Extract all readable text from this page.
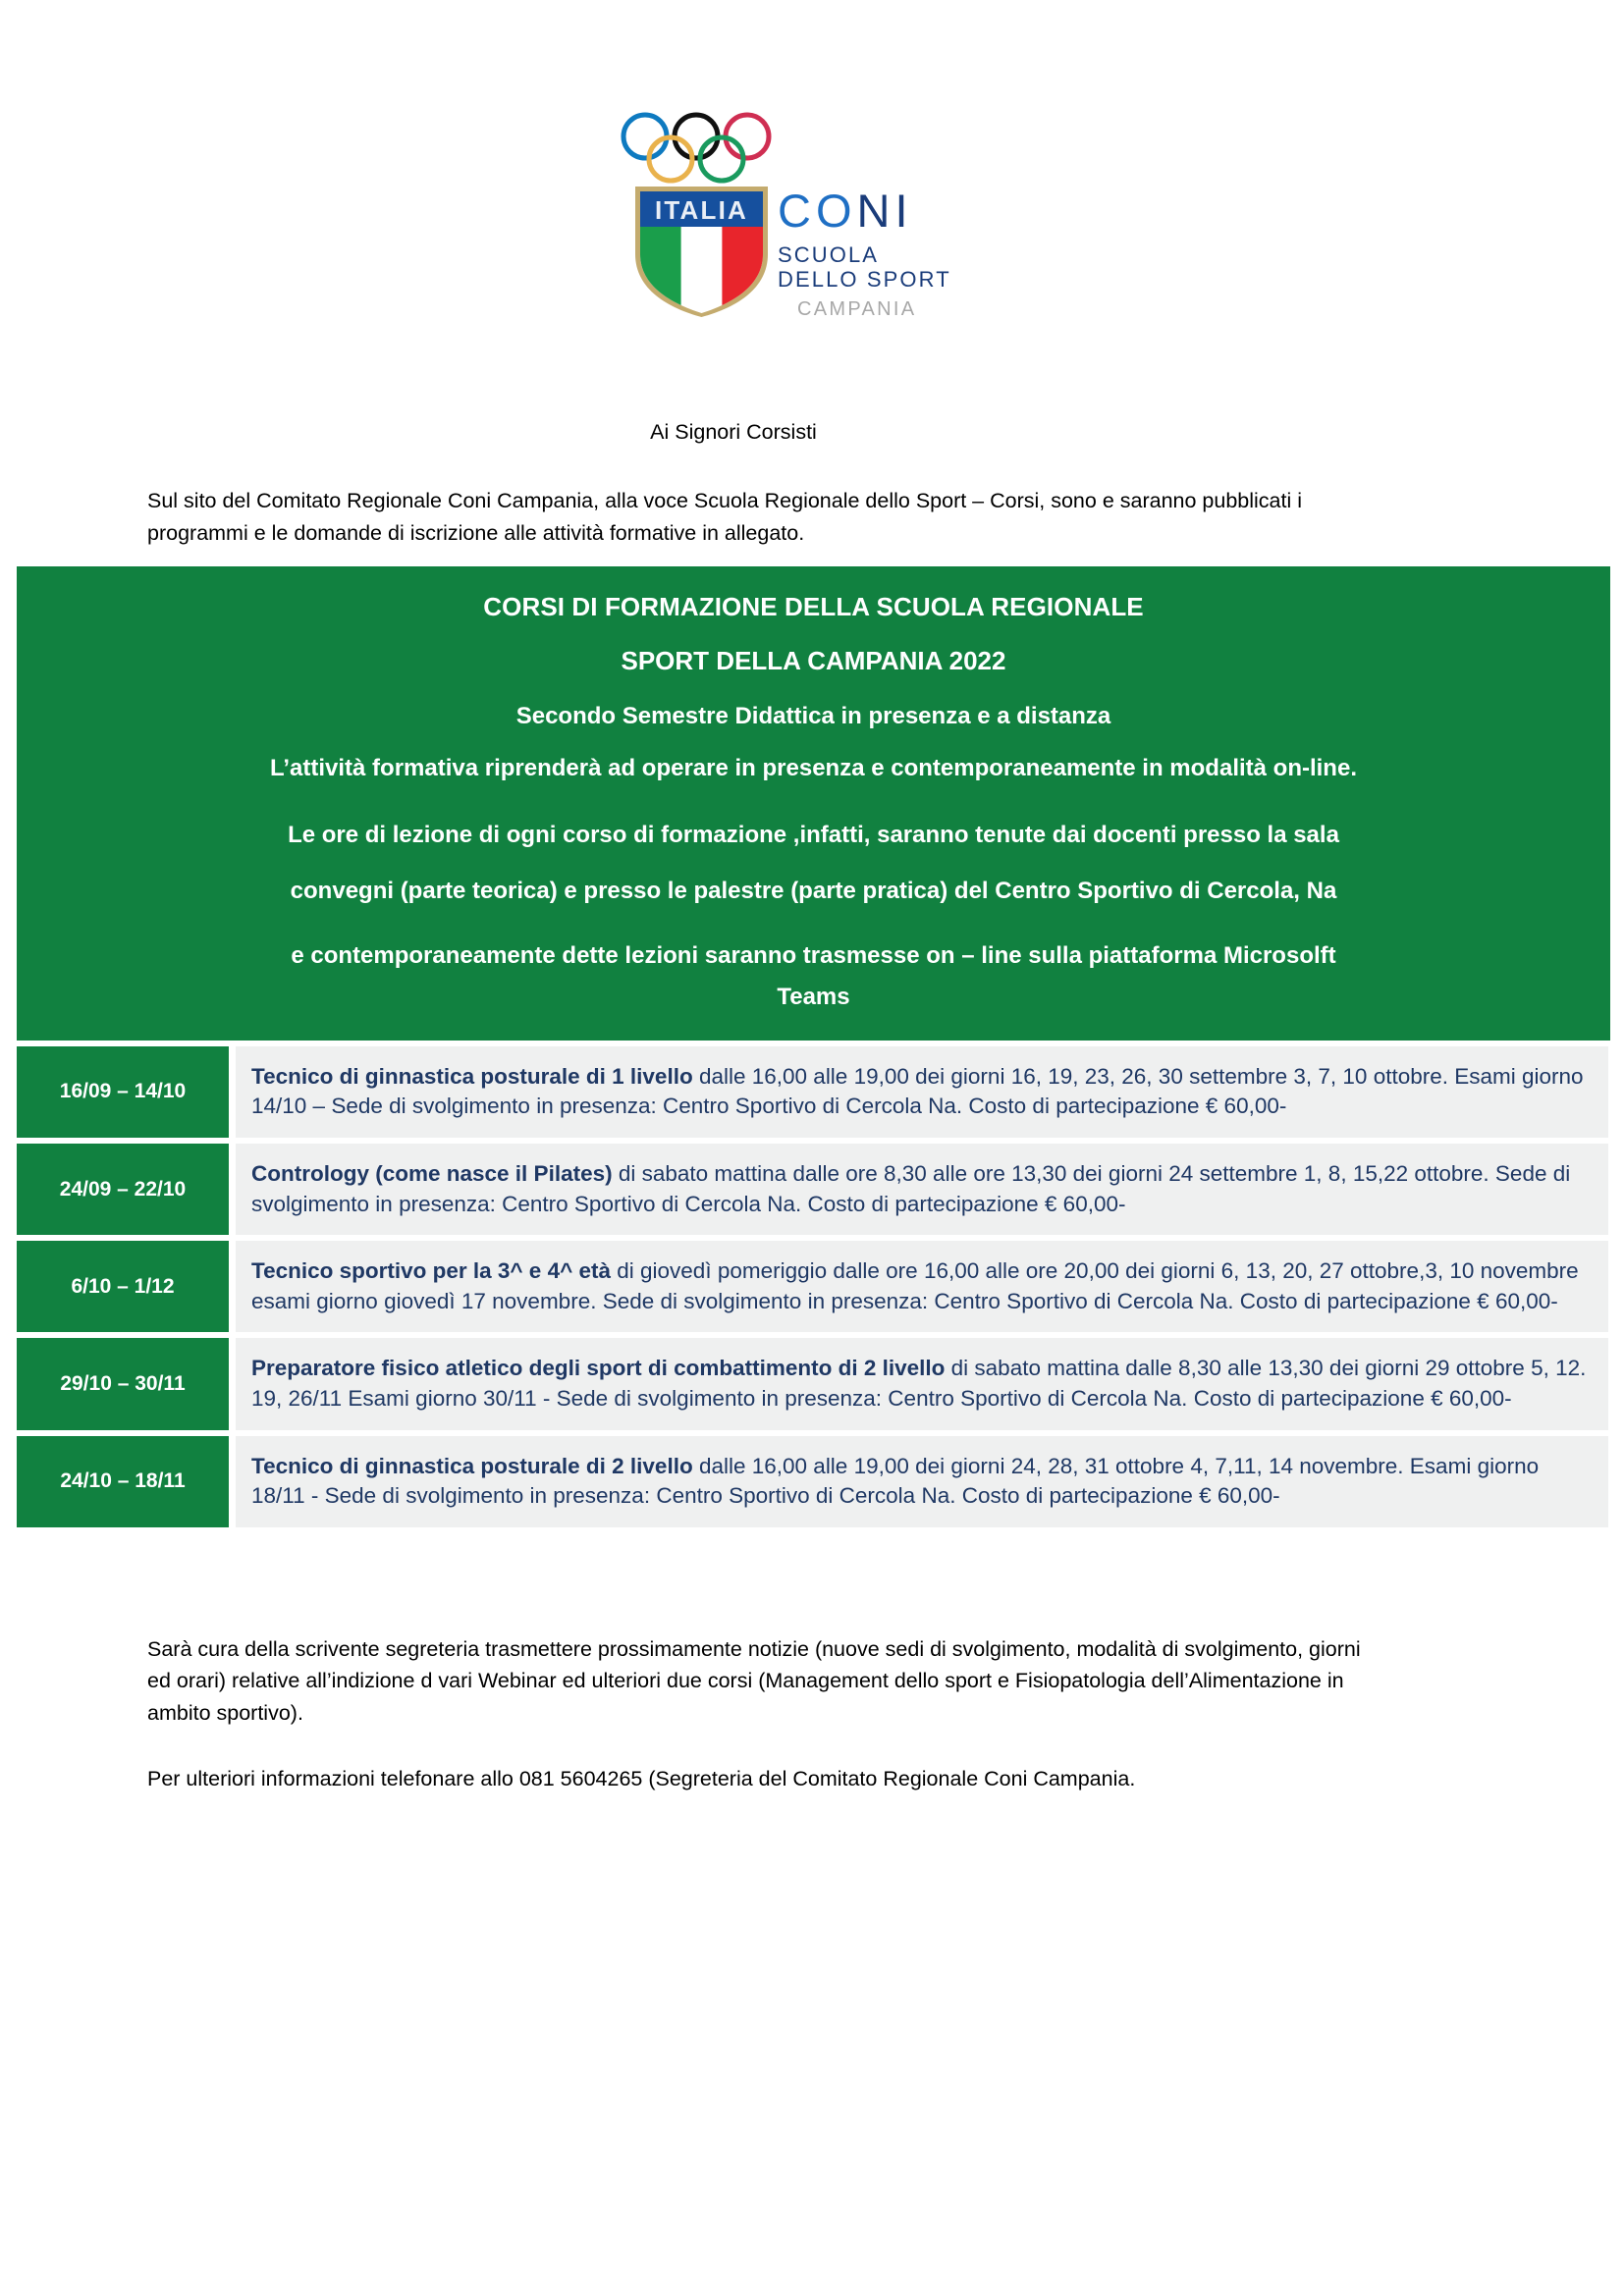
ITALIA CONI
SCUOLA
DELLO SPORT
CAMPANIA
Ai Signori Corsisti
Sul sito del Comitato Regionale Coni Campania, alla voce Scuola Regionale dello Sport – Corsi, sono e saranno pubblicati i programmi e le domande di iscrizione alle attività formative in allegato.

CORSI DI FORMAZIONE DELLA SCUOLA REGIONALE

SPORT DELLA CAMPANIA 2022

Secondo Semestre Didattica in presenza e a distanza

L’attività formativa riprenderà ad operare in presenza e contemporaneamente in modalità on-line.

Le ore di lezione di ogni corso di formazione ,infatti, saranno tenute dai docenti presso la sala

convegni (parte teorica) e presso le palestre (parte pratica) del Centro Sportivo di Cercola, Na

e contemporaneamente dette lezioni saranno trasmesse on – line sulla piattaforma Microsolft

Teams

16/09 – 14/10
Tecnico di ginnastica posturale di 1 livello dalle 16,00 alle 19,00 dei giorni 16, 19, 23, 26, 30 settembre 3, 7, 10 ottobre. Esami giorno 14/10 – Sede di svolgimento in presenza: Centro Sportivo di Cercola Na. Costo di partecipazione € 60,00-
24/09 – 22/10
Contrology (come nasce il Pilates) di sabato mattina dalle ore 8,30 alle ore 13,30 dei giorni 24 settembre 1, 8, 15,22 ottobre. Sede di svolgimento in presenza: Centro Sportivo di Cercola Na. Costo di partecipazione € 60,00-
6/10 – 1/12
Tecnico sportivo per la 3^ e 4^ età di giovedì pomeriggio dalle ore 16,00 alle ore 20,00 dei giorni 6, 13, 20, 27 ottobre,3, 10 novembre esami giorno giovedì 17 novembre. Sede di svolgimento in presenza: Centro Sportivo di Cercola Na. Costo di partecipazione € 60,00-
29/10 – 30/11
Preparatore fisico atletico degli sport di combattimento di 2 livello di sabato mattina dalle 8,30 alle 13,30 dei giorni 29 ottobre 5, 12. 19, 26/11 Esami giorno 30/11 - Sede di svolgimento in presenza: Centro Sportivo di Cercola Na. Costo di partecipazione € 60,00-
24/10 – 18/11
Tecnico di ginnastica posturale di 2 livello dalle 16,00 alle 19,00 dei giorni 24, 28, 31 ottobre 4, 7,11, 14 novembre. Esami giorno 18/11 - Sede di svolgimento in presenza: Centro Sportivo di Cercola Na. Costo di partecipazione € 60,00-
Sarà cura della scrivente segreteria trasmettere prossimamente notizie (nuove sedi di svolgimento, modalità di svolgimento, giorni ed orari) relative all’indizione d vari Webinar ed ulteriori due corsi (Management dello sport e Fisiopatologia dell’Alimentazione in ambito sportivo).
Per ulteriori informazioni telefonare allo 081 5604265 (Segreteria del Comitato Regionale Coni Campania.
